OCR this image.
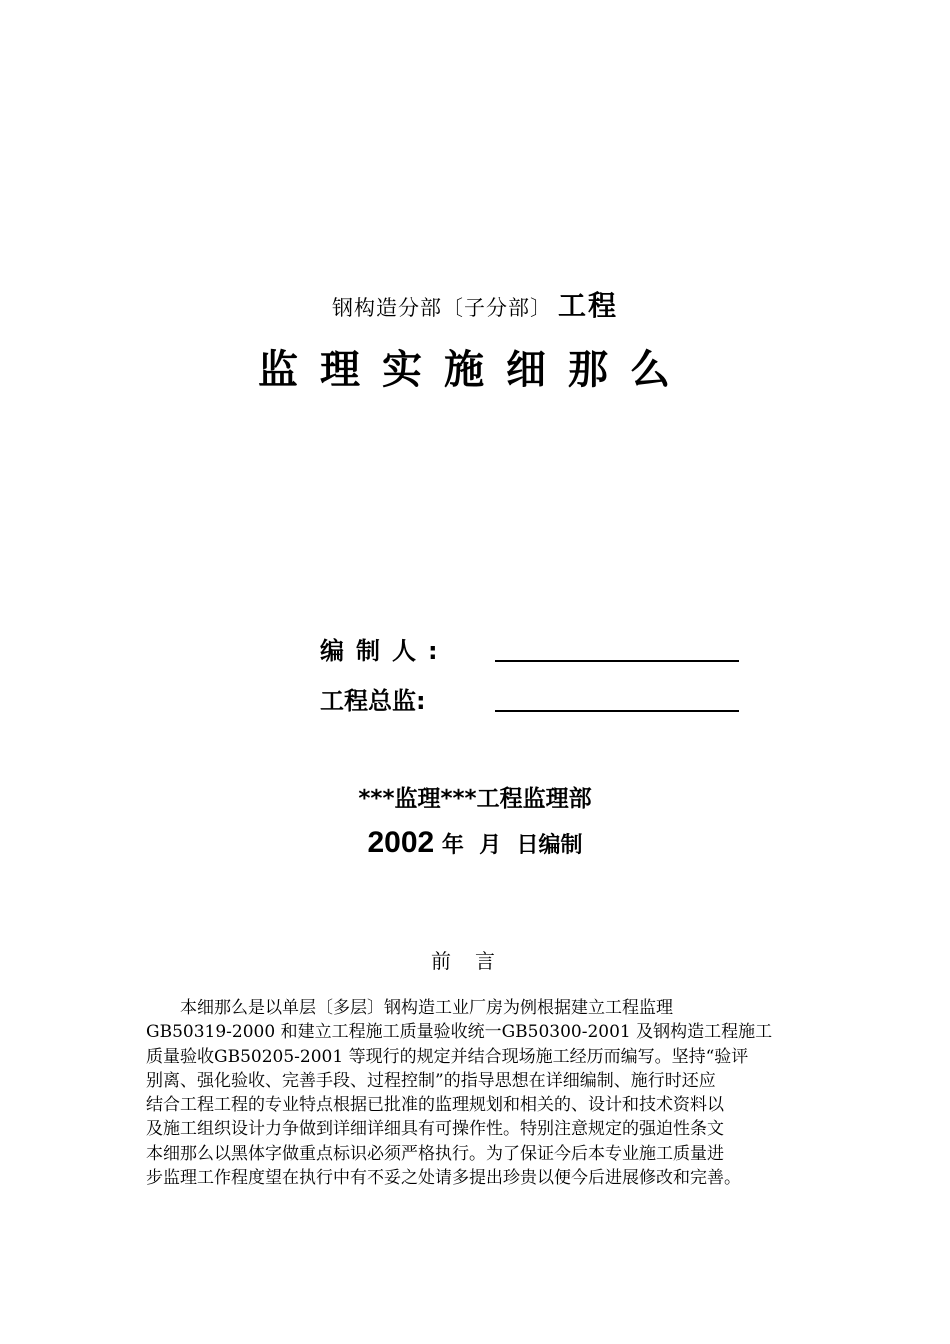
钢构造分部〔子分部〕 工程
监理实施细那么
编制人:
工程总监:
***监理***工程监理部
2002 年  月  日编制
前言
本细那么是以单层〔多层〕钢构造工业厂房为例根据建立工程监理
GB50319-2000 和建立工程施工质量验收统一GB50300-2001 及钢构造工程施工
质量验收GB50205-2001 等现行的规定并结合现场施工经历而编写。坚持“验评
别离、强化验收、完善手段、过程控制”的指导思想在详细编制、施行时还应
结合工程工程的专业特点根据已批准的监理规划和相关的、设计和技术资料以
及施工组织设计力争做到详细详细具有可操作性。特别注意规定的强迫性条文
本细那么以黑体字做重点标识必须严格执行。为了保证今后本专业施工质量进
步监理工作程度望在执行中有不妥之处请多提出珍贵以便今后进展修改和完善。
